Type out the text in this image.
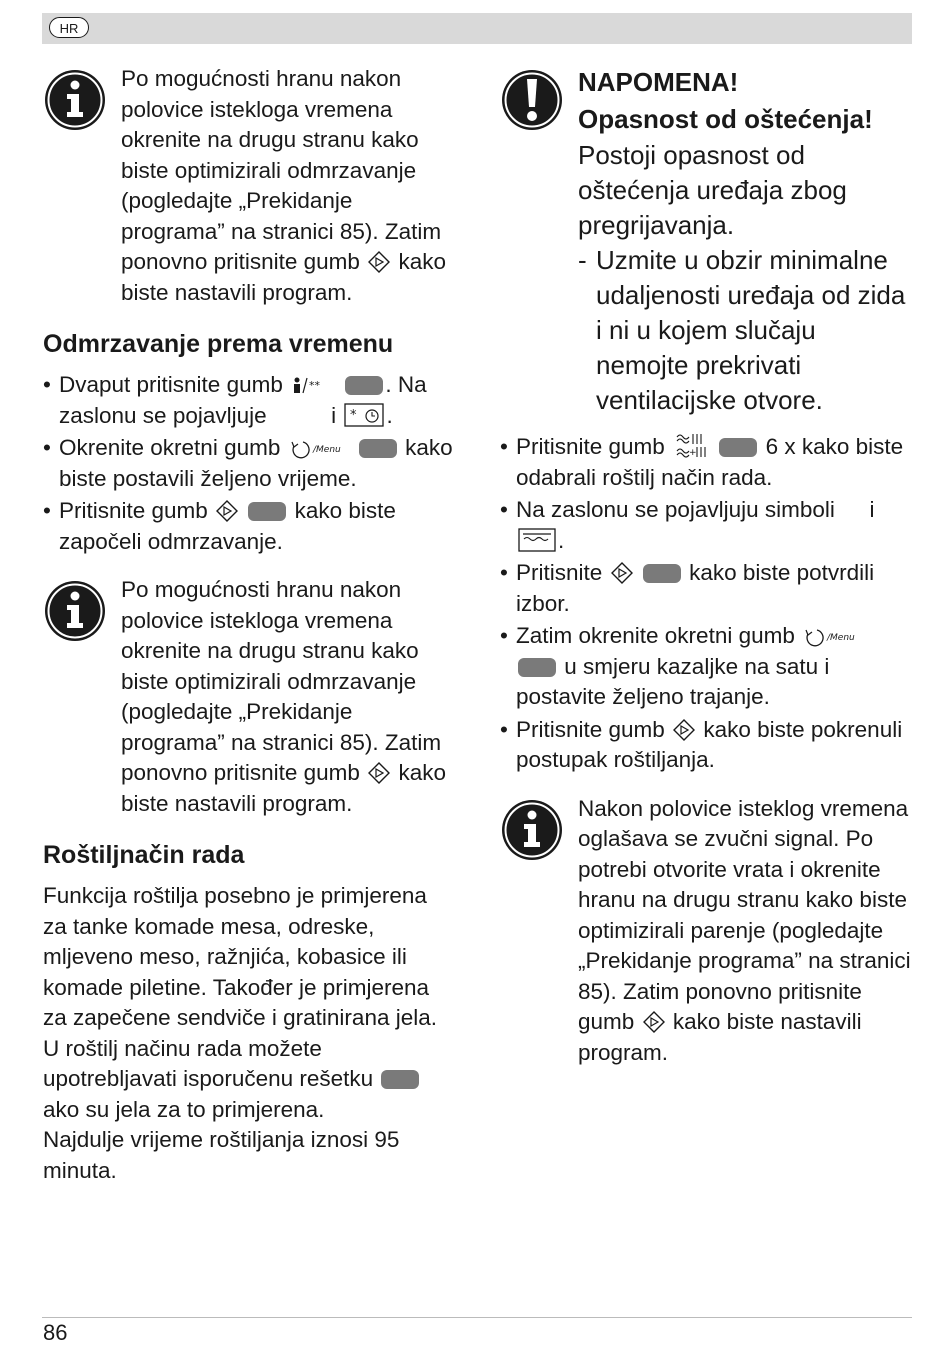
HR

Po mogućnosti hranu nakon polovice istekloga vremena okrenite na drugu stranu kako biste optimizirali odmrzavanje (pogledajte „Prekidanje programa” na stranici 85). Zatim ponovno pritisnite gumb kako biste nastavili program.

Odmrzavanje prema vremenu
• Dvaput pritisnite gumb **	. Na zaslonu se pojavljuje	i * .
• Okrenite okretni gumb	/Menu	kako biste postavili željeno vrijeme.
• Pritisnite gumb	kako biste započeli odmrzavanje.

Po mogućnosti hranu nakon polovice istekloga vremena okrenite na drugu stranu kako biste optimizirali odmrzavanje (pogledajte „Prekidanje programa” na stranici 85). Zatim ponovno pritisnite gumb kako biste nastavili program.

Roštiljnačin rada

Funkcija roštilja posebno je primjerena za tanke komade mesa, odreske, mljeveno meso, ražnjića, kobasice ili komade piletine. Također je primjerena za zapečene sendviče i gratinirana jela.

U roštilj načinu rada možete upotrebljavati isporučenu rešetku  ako su jela za to primjerena.

Najdulje vrijeme roštiljanja iznosi 95 minuta.

NAPOMENA!
Opasnost od oštećenja!

Postoji opasnost od oštećenja uređaja zbog pregrijavanja.

- Uzmite u obzir minimalne udaljenosti uređaja od zida i ni u kojem slučaju nemojte prekrivati ventilacijske otvore.

• Pritisnite gumb	+	6 x kako biste odabrali roštilj način rada.
• Na zaslonu se pojavljuju simboli i
.
• Pritisnite	kako biste potvrdili izbor.
• Zatim okrenite okretni gumb	/Menu
u smjeru kazaljke na satu i postavite željeno trajanje.
• Pritisnite gumb kako biste pokrenuli postupak roštiljanja.

Nakon polovice isteklog vremena oglašava se zvučni signal. Po potrebi otvorite vrata i okrenite hranu na drugu stranu kako biste optimizirali parenje (pogledajte „Prekidanje programa” na stranici 85). Zatim ponovno pritisnite gumb kako biste nastavili program.

86
